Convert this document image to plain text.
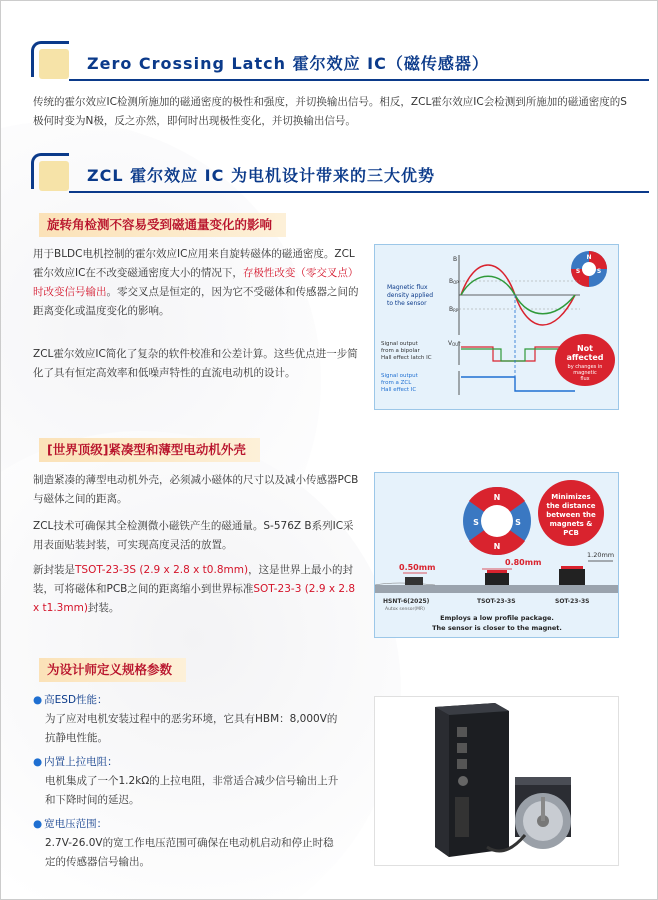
Zero Crossing Latch 霍尔效应 IC（磁传感器）
传统的霍尔效应IC检测所施加的磁通密度的极性和强度，并切换输出信号。相反，ZCL霍尔效应IC会检测到所施加的磁通密度的S极何时变为N极，反之亦然，即何时出现极性变化，并切换输出信号。
ZCL 霍尔效应 IC 为电机设计带来的三大优势
旋转角检测不容易受到磁通量变化的影响
用于BLDC电机控制的霍尔效应IC应用来自旋转磁体的磁通密度。ZCL霍尔效应IC在不改变磁通密度大小的情况下，存极性改变（零交叉点）时改变信号输出。零交叉点是恒定的，因为它不受磁体和传感器之间的距离变化或温度变化的影响。
ZCL霍尔效应IC简化了复杂的软件校准和公差计算。这些优点进一步简化了具有恒定高效率和低噪声特性的直流电动机的设计。
N
S
S
B
BOP
BRP
Magnetic flux
density applied
to the sensor
VOUT
Signal output
from a bipolar
Hall effect latch IC
Signal output
from a ZCL
Hall effect IC
Not
affected
by changes in
magnetic
flux
[世界顶级]紧凑型和薄型电动机外壳
制造紧凑的薄型电动机外壳，必须减小磁体的尺寸以及减小传感器PCB与磁体之间的距离。
ZCL技术可确保其全检测微小磁铁产生的磁通量。S-576Z B系列IC采用表面贴装封装，可实现高度灵活的放置。
新封装是TSOT-23-3S (2.9 x 2.8 x t0.8mm)，这是世界上最小的封装，可将磁体和PCB之间的距离缩小到世界标准SOT-23-3 (2.9 x 2.8 x t1.3mm)封装。
N
S	S
N
Minimizes
the distance
between the
magnets &
PCB
0.50mm
0.80mm
1.20mm
HSNT-6(2025)
Autox sensor(MR)
TSOT-23-3S	SOT-23-3S
Employs a low profile package.
The sensor is closer to the magnet.
为设计师定义规格参数
● 高ESD性能：
为了应对电机安装过程中的恶劣环境，它具有HBM：8,000V的抗静电性能。
● 内置上拉电阻：
电机集成了一个1.2kΩ的上拉电阻，非常适合减少信号输出上升和下降时间的延迟。
● 宽电压范围：
2.7V-26.0V的宽工作电压范围可确保在电动机启动和停止时稳定的传感器信号输出。
